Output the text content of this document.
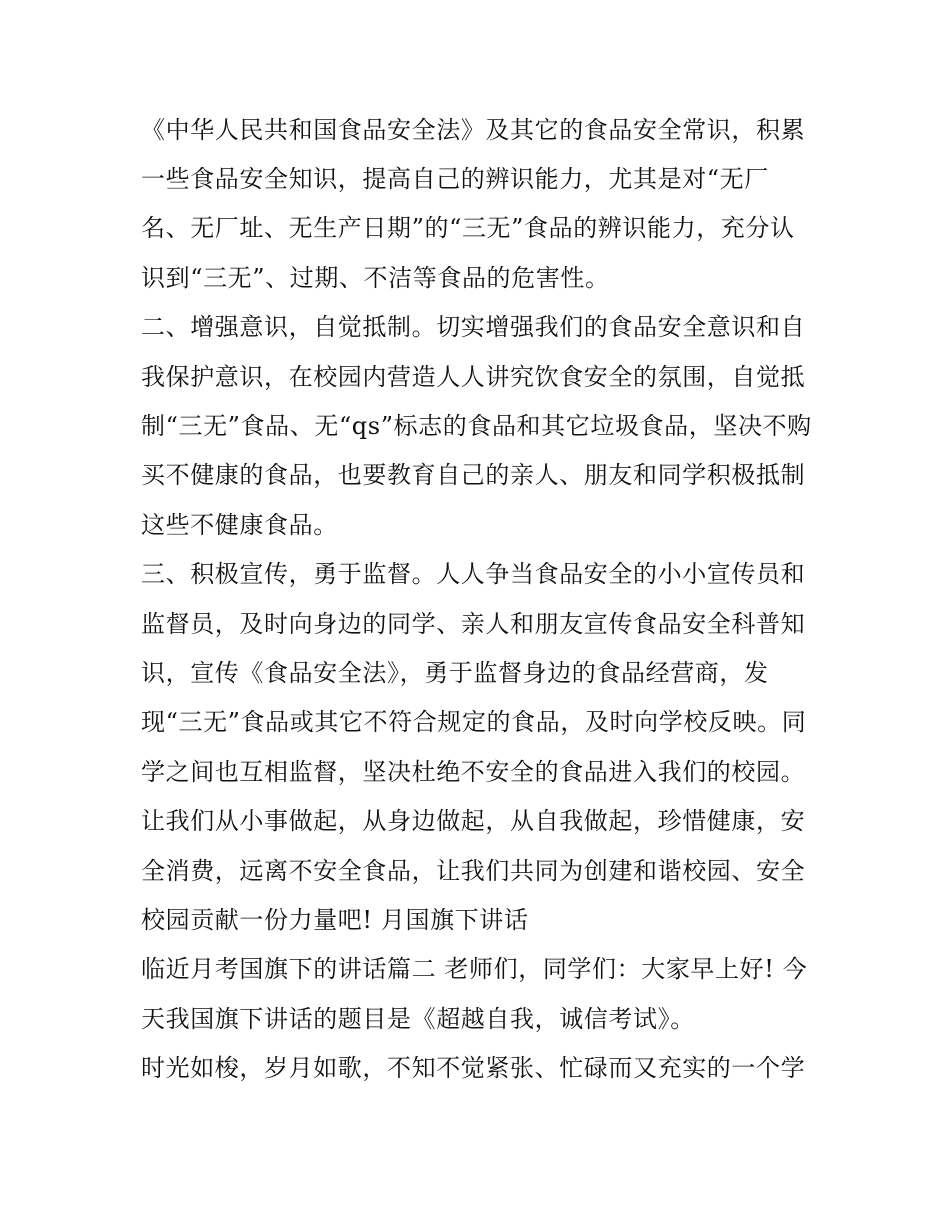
《中华人民共和国食品安全法》及其它的食品安全常识，积累
一些食品安全知识，提高自己的辨识能力，尤其是对“无厂
名、无厂址、无生产日期”的“三无”食品的辨识能力，充分认
识到“三无”、过期、不洁等食品的危害性。
二、增强意识，自觉抵制。切实增强我们的食品安全意识和自
我保护意识，在校园内营造人人讲究饮食安全的氛围，自觉抵
制“三无”食品、无“qs”标志的食品和其它垃圾食品，坚决不购
买不健康的食品，也要教育自己的亲人、朋友和同学积极抵制
这些不健康食品。
三、积极宣传，勇于监督。人人争当食品安全的小小宣传员和
监督员，及时向身边的同学、亲人和朋友宣传食品安全科普知
识，宣传《食品安全法》，勇于监督身边的食品经营商，发
现“三无”食品或其它不符合规定的食品，及时向学校反映。同
学之间也互相监督，坚决杜绝不安全的食品进入我们的校园。
让我们从小事做起，从身边做起，从自我做起，珍惜健康，安
全消费，远离不安全食品，让我们共同为创建和谐校园、安全
校园贡献一份力量吧! 月国旗下讲话
临近月考国旗下的讲话篇二 老师们，同学们：大家早上好! 今
天我国旗下讲话的题目是《超越自我，诚信考试》。
时光如梭，岁月如歌，不知不觉紧张、忙碌而又充实的一个学
